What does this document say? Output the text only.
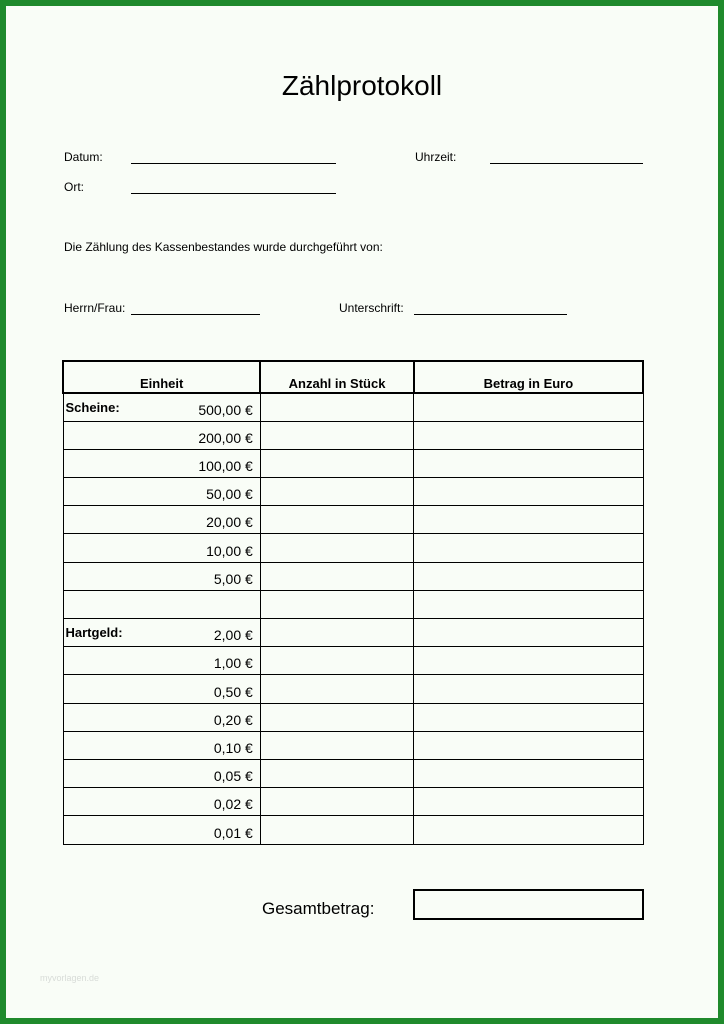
Zählprotokoll
Datum:	Uhrzeit:
Ort:
Die Zählung des Kassenbestandes wurde durchgeführt von:
Herrn/Frau:	Unterschrift:
Einheit	Anzahl in Stück	Betrag in Euro

Scheine: 500,00 €		

200,00 €		

100,00 €		

50,00 €		

20,00 €		

10,00 €		

5,00 €		

Hartgeld: 2,00 €		

1,00 €		

0,50 €		

0,20 €		

0,10 €		

0,05 €		

0,02 €		

0,01 €		

Gesamtbetrag:
myvorlagen.de
